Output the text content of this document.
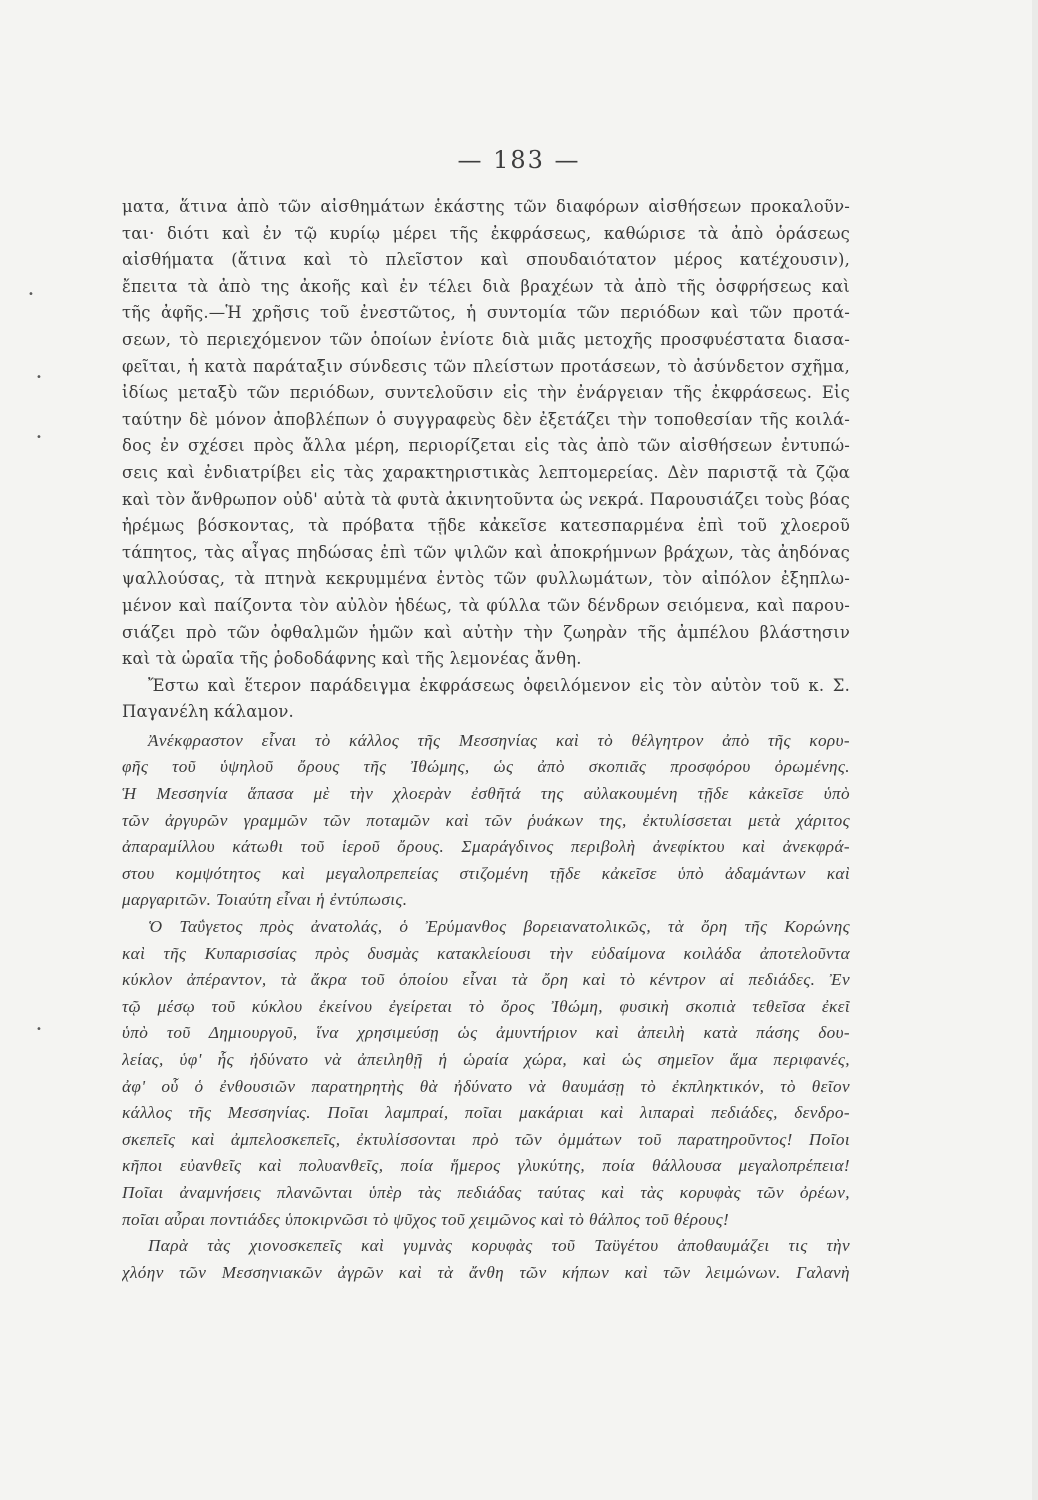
— 183 —
•
•
•
•
ματα, ἅτινα ἀπὸ τῶν αἰσθημάτων ἑκάστης τῶν διαφόρων αἰσθήσεων προκαλοῦν-
ται· διότι καὶ ἐν τῷ κυρίῳ μέρει τῆς ἐκφράσεως, καθώρισε τὰ ἀπὸ ὁράσεως
αἰσθήματα (ἅτινα καὶ τὸ πλεῖστον καὶ σπουδαιότατον μέρος κατέχουσιν),
ἔπειτα τὰ ἀπὸ της ἀκοῆς καὶ ἐν τέλει διὰ βραχέων τὰ ἀπὸ τῆς ὀσφρήσεως καὶ
τῆς ἀφῆς.—Ἡ χρῆσις τοῦ ἐνεστῶτος, ἡ συντομία τῶν περιόδων καὶ τῶν προτά-
σεων, τὸ περιεχόμενον τῶν ὁποίων ἐνίοτε διὰ μιᾶς μετοχῆς προσφυέστατα διασα-
φεῖται, ἡ κατὰ παράταξιν σύνδεσις τῶν πλείστων προτάσεων, τὸ ἀσύνδετον σχῆμα,
ἰδίως μεταξὺ τῶν περιόδων, συντελοῦσιν εἰς τὴν ἐνάργειαν τῆς ἐκφράσεως. Εἰς
ταύτην δὲ μόνον ἀποβλέπων ὁ συγγραφεὺς δὲν ἐξετάζει τὴν τοποθεσίαν τῆς κοιλά-
δος ἐν σχέσει πρὸς ἄλλα μέρη, περιορίζεται εἰς τὰς ἀπὸ τῶν αἰσθήσεων ἐντυπώ-
σεις καὶ ἐνδιατρίβει εἰς τὰς χαρακτηριστικὰς λεπτομερείας. Δὲν παριστᾷ τὰ ζῷα
καὶ τὸν ἄνθρωπον οὐδ' αὐτὰ τὰ φυτὰ ἀκινητοῦντα ὡς νεκρά. Παρουσιάζει τοὺς βόας
ἠρέμως βόσκοντας, τὰ πρόβατα τῇδε κἀκεῖσε κατεσπαρμένα ἐπὶ τοῦ χλοεροῦ
τάπητος, τὰς αἶγας πηδώσας ἐπὶ τῶν ψιλῶν καὶ ἀποκρήμνων βράχων, τὰς ἀηδόνας
ψαλλούσας, τὰ πτηνὰ κεκρυμμένα ἐντὸς τῶν φυλλωμάτων, τὸν αἰπόλον ἐξηπλω-
μένον καὶ παίζοντα τὸν αὐλὸν ἡδέως, τὰ φύλλα τῶν δένδρων σειόμενα, καὶ παρου-
σιάζει πρὸ τῶν ὀφθαλμῶν ἡμῶν καὶ αὐτὴν τὴν ζωηρὰν τῆς ἀμπέλου βλάστησιν
καὶ τὰ ὡραῖα τῆς ῥοδοδάφνης καὶ τῆς λεμονέας ἄνθη.
Ἔστω καὶ ἕτερον παράδειγμα ἐκφράσεως ὀφειλόμενον εἰς τὸν αὐτὸν τοῦ κ. Σ.
Παγανέλη κάλαμον.
Ἀνέκφραστον εἶναι τὸ κάλλος τῆς Μεσσηνίας καὶ τὸ θέλγητρον ἀπὸ τῆς κορυ-
φῆς τοῦ ὑψηλοῦ ὄρους τῆς Ἰθώμης, ὡς ἀπὸ σκοπιᾶς προσφόρου ὁρωμένης.
Ἡ Μεσσηνία ἅπασα μὲ τὴν χλοερὰν ἐσθῆτά της αὐλακουμένη τῇδε κἀκεῖσε ὑπὸ
τῶν ἀργυρῶν γραμμῶν τῶν ποταμῶν καὶ τῶν ῥυάκων της, ἐκτυλίσσεται μετὰ χάριτος
ἀπαραμίλλου κάτωθι τοῦ ἱεροῦ ὄρους. Σμαράγδινος περιβολὴ ἀνεφίκτου καὶ ἀνεκφρά-
στου κομψότητος καὶ μεγαλοπρεπείας στιζομένη τῇδε κἀκεῖσε ὑπὸ ἀδαμάντων καὶ
μαργαριτῶν. Τοιαύτη εἶναι ἡ ἐντύπωσις.
Ὁ Ταΰγετος πρὸς ἀνατολάς, ὁ Ἐρύμανθος βορειανατολικῶς, τὰ ὄρη τῆς Κορώνης
καὶ τῆς Κυπαρισσίας πρὸς δυσμὰς κατακλείουσι τὴν εὐδαίμονα κοιλάδα ἀποτελοῦντα
κύκλον ἀπέραντον, τὰ ἄκρα τοῦ ὁποίου εἶναι τὰ ὄρη καὶ τὸ κέντρον αἱ πεδιάδες. Ἐν
τῷ μέσῳ τοῦ κύκλου ἐκείνου ἐγείρεται τὸ ὄρος Ἰθώμη, φυσικὴ σκοπιὰ τεθεῖσα ἐκεῖ
ὑπὸ τοῦ Δημιουργοῦ, ἵνα χρησιμεύσῃ ὡς ἀμυντήριον καὶ ἀπειλὴ κατὰ πάσης δου-
λείας, ὑφ' ἧς ἠδύνατο νὰ ἀπειληθῇ ἡ ὡραία χώρα, καὶ ὡς σημεῖον ἅμα περιφανές,
ἀφ' οὗ ὁ ἐνθουσιῶν παρατηρητὴς θὰ ἠδύνατο νὰ θαυμάσῃ τὸ ἐκπληκτικόν, τὸ θεῖον
κάλλος τῆς Μεσσηνίας. Ποῖαι λαμπραί, ποῖαι μακάριαι καὶ λιπαραὶ πεδιάδες, δενδρο-
σκεπεῖς καὶ ἀμπελοσκεπεῖς, ἐκτυλίσσονται πρὸ τῶν ὀμμάτων τοῦ παρατηροῦντος! Ποῖοι
κῆποι εὐανθεῖς καὶ πολυανθεῖς, ποία ἥμερος γλυκύτης, ποία θάλλουσα μεγαλοπρέπεια!
Ποῖαι ἀναμνήσεις πλανῶνται ὑπὲρ τὰς πεδιάδας ταύτας καὶ τὰς κορυφὰς τῶν ὀρέων,
ποῖαι αὖραι ποντιάδες ὑποκιρνῶσι τὸ ψῦχος τοῦ χειμῶνος καὶ τὸ θάλπος τοῦ θέρους!
Παρὰ τὰς χιονοσκεπεῖς καὶ γυμνὰς κορυφὰς τοῦ Ταϋγέτου ἀποθαυμάζει τις τὴν
χλόην τῶν Μεσσηνιακῶν ἀγρῶν καὶ τὰ ἄνθη τῶν κήπων καὶ τῶν λειμώνων. Γαλανὴ
